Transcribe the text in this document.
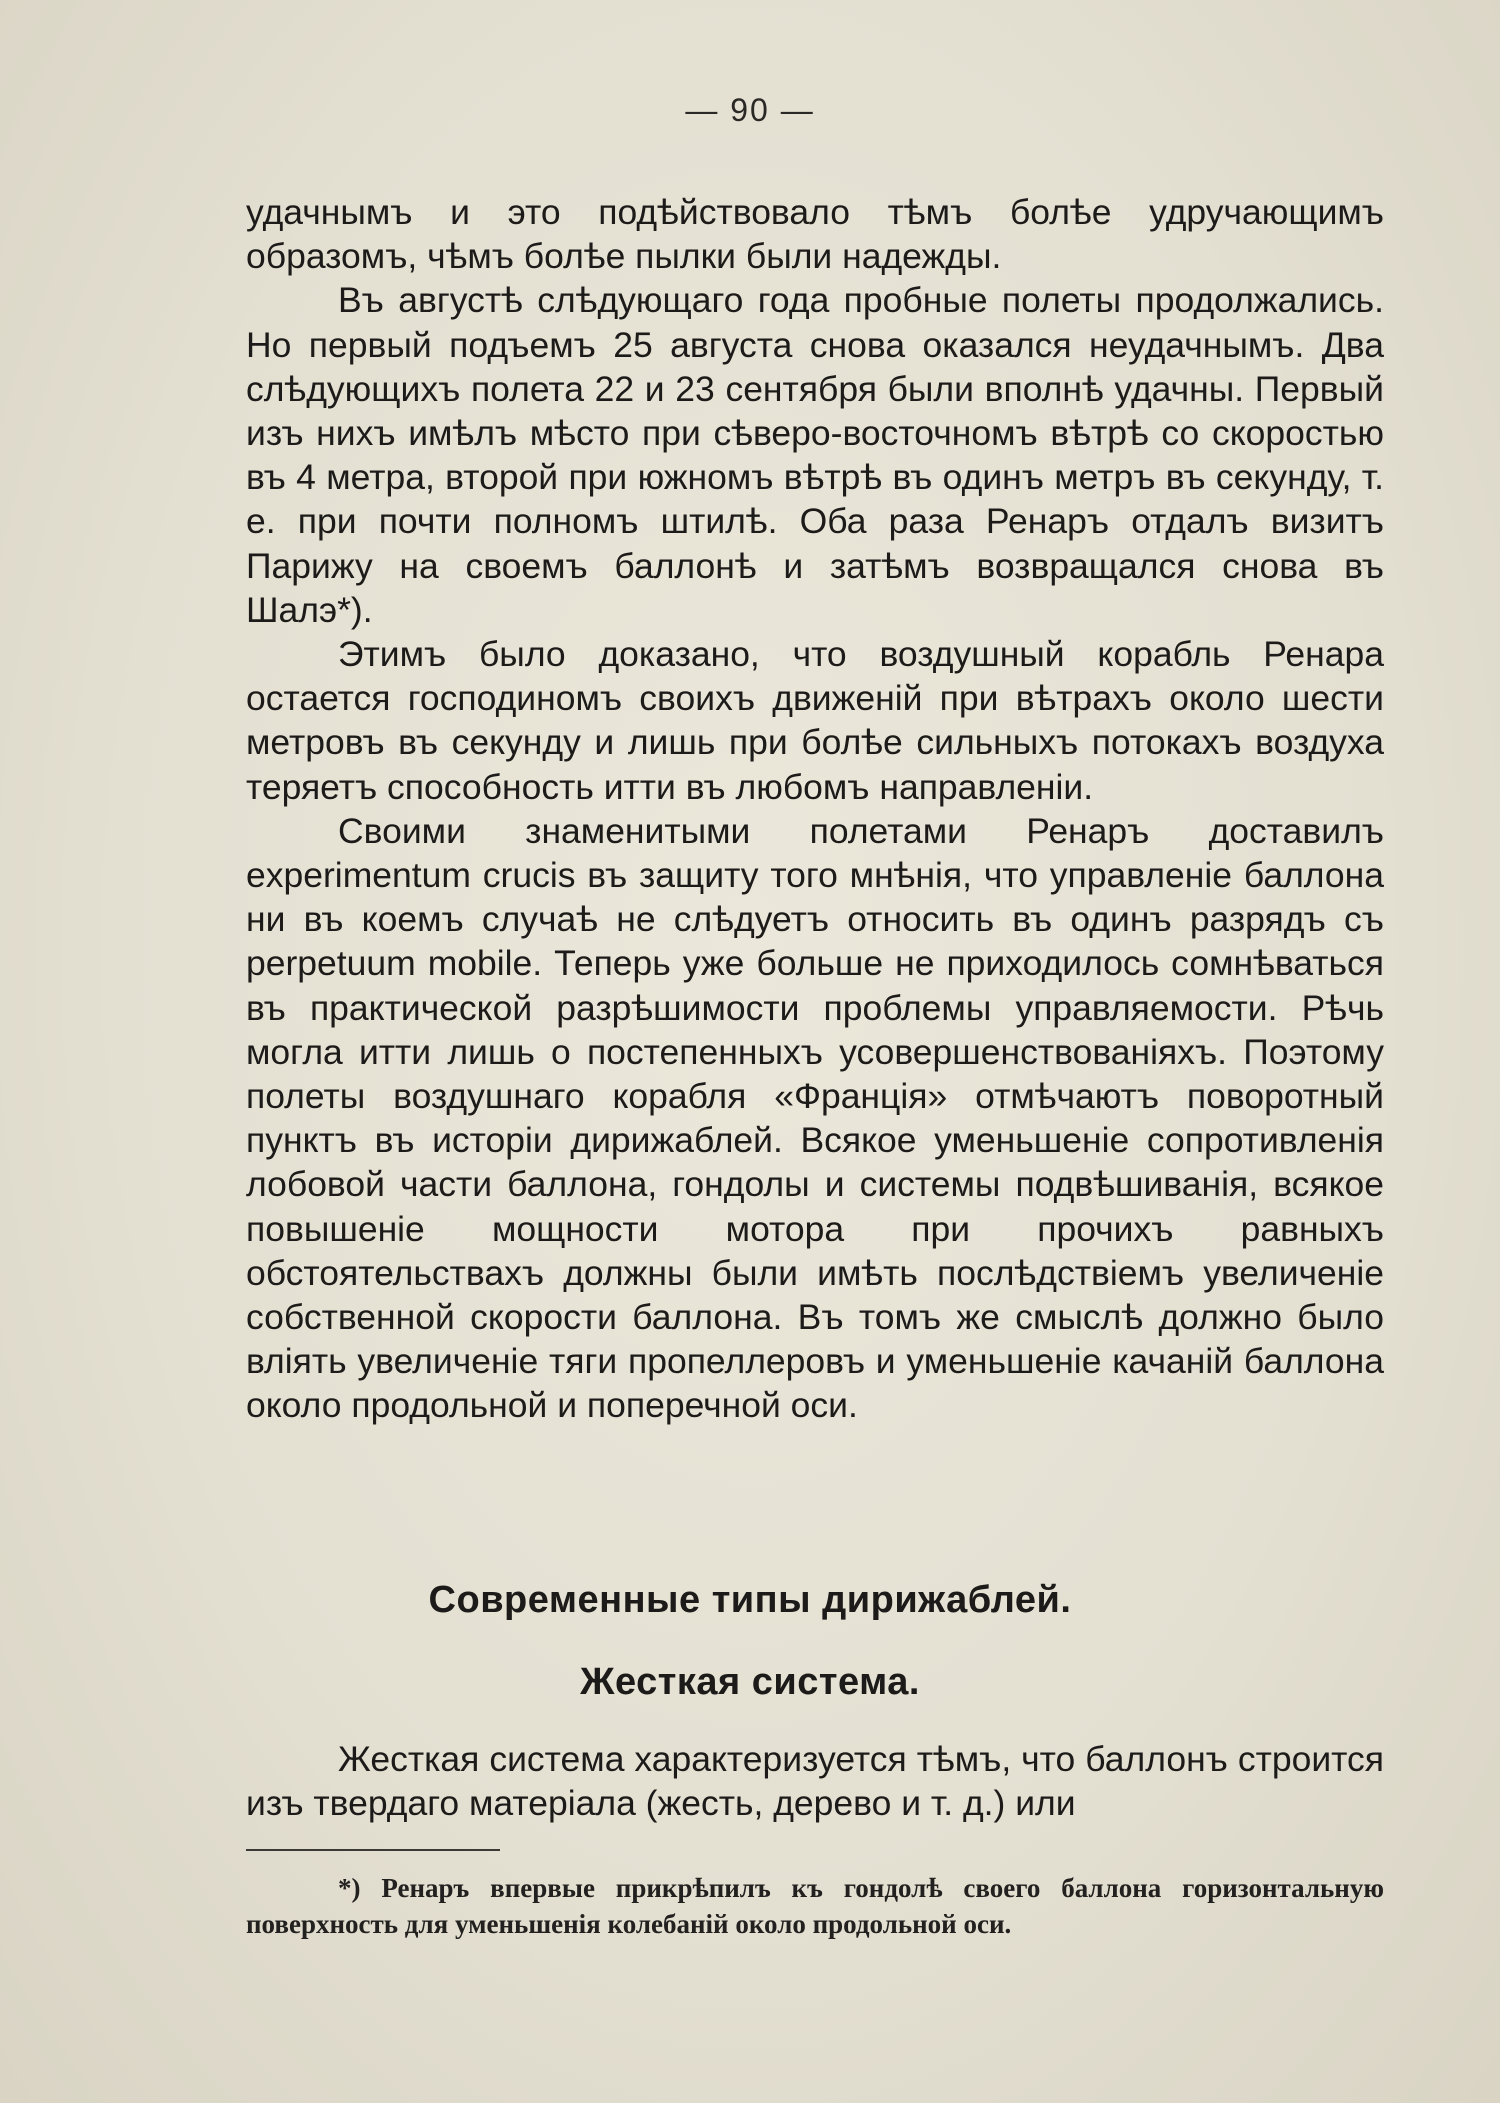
— 90 —

удачнымъ и это подѣйствовало тѣмъ болѣе удручающимъ образомъ, чѣмъ болѣе пылки были надежды.

Въ августѣ слѣдующаго года пробные полеты продолжались. Но первый подъемъ 25 августа снова оказался неудачнымъ. Два слѣдующихъ полета 22 и 23 сентября были вполнѣ удачны. Первый изъ нихъ имѣлъ мѣсто при сѣверо-восточномъ вѣтрѣ со скоростью въ 4 метра, второй при южномъ вѣтрѣ въ одинъ метръ въ секунду, т. е. при почти полномъ штилѣ. Оба раза Ренаръ отдалъ визитъ Парижу на своемъ баллонѣ и затѣмъ возвращался снова въ Шалэ*).

Этимъ было доказано, что воздушный корабль Ренара остается господиномъ своихъ движенiй при вѣтрахъ около шести метровъ въ секунду и лишь при болѣе сильныхъ потокахъ воздуха теряетъ способность итти въ любомъ направленiи.

Своими знаменитыми полетами Ренаръ доставилъ experimentum crucis въ защиту того мнѣнiя, что управленiе баллона ни въ коемъ случаѣ не слѣдуетъ относить въ одинъ разрядъ съ perpetuum mobile. Теперь уже больше не приходилось сомнѣваться въ практической разрѣшимости проблемы управляемости. Рѣчь могла итти лишь о постепенныхъ усовершенствованiяхъ. Поэтому полеты воздушнаго корабля «Францiя» отмѣчаютъ поворотный пунктъ въ исторiи дирижаблей. Всякое уменьшенiе сопротивленiя лобовой части баллона, гондолы и системы подвѣшиванiя, всякое повышенiе мощности мотора при прочихъ равныхъ обстоятельствахъ должны были имѣть послѣдствiемъ увеличенiе собственной скорости баллона. Въ томъ же смыслѣ должно было влiять увеличенiе тяги пропеллеровъ и уменьшенiе качанiй баллона около продольной и поперечной оси.

Современные типы дирижаблей.
Жесткая система.

Жесткая система характеризуется тѣмъ, что баллонъ строится изъ твердаго матерiала (жесть, дерево и т. д.) или

*) Ренаръ впервые прикрѣпилъ къ гондолѣ своего баллона горизонтальную поверхность для уменьшенiя колебанiй около продольной оси.
